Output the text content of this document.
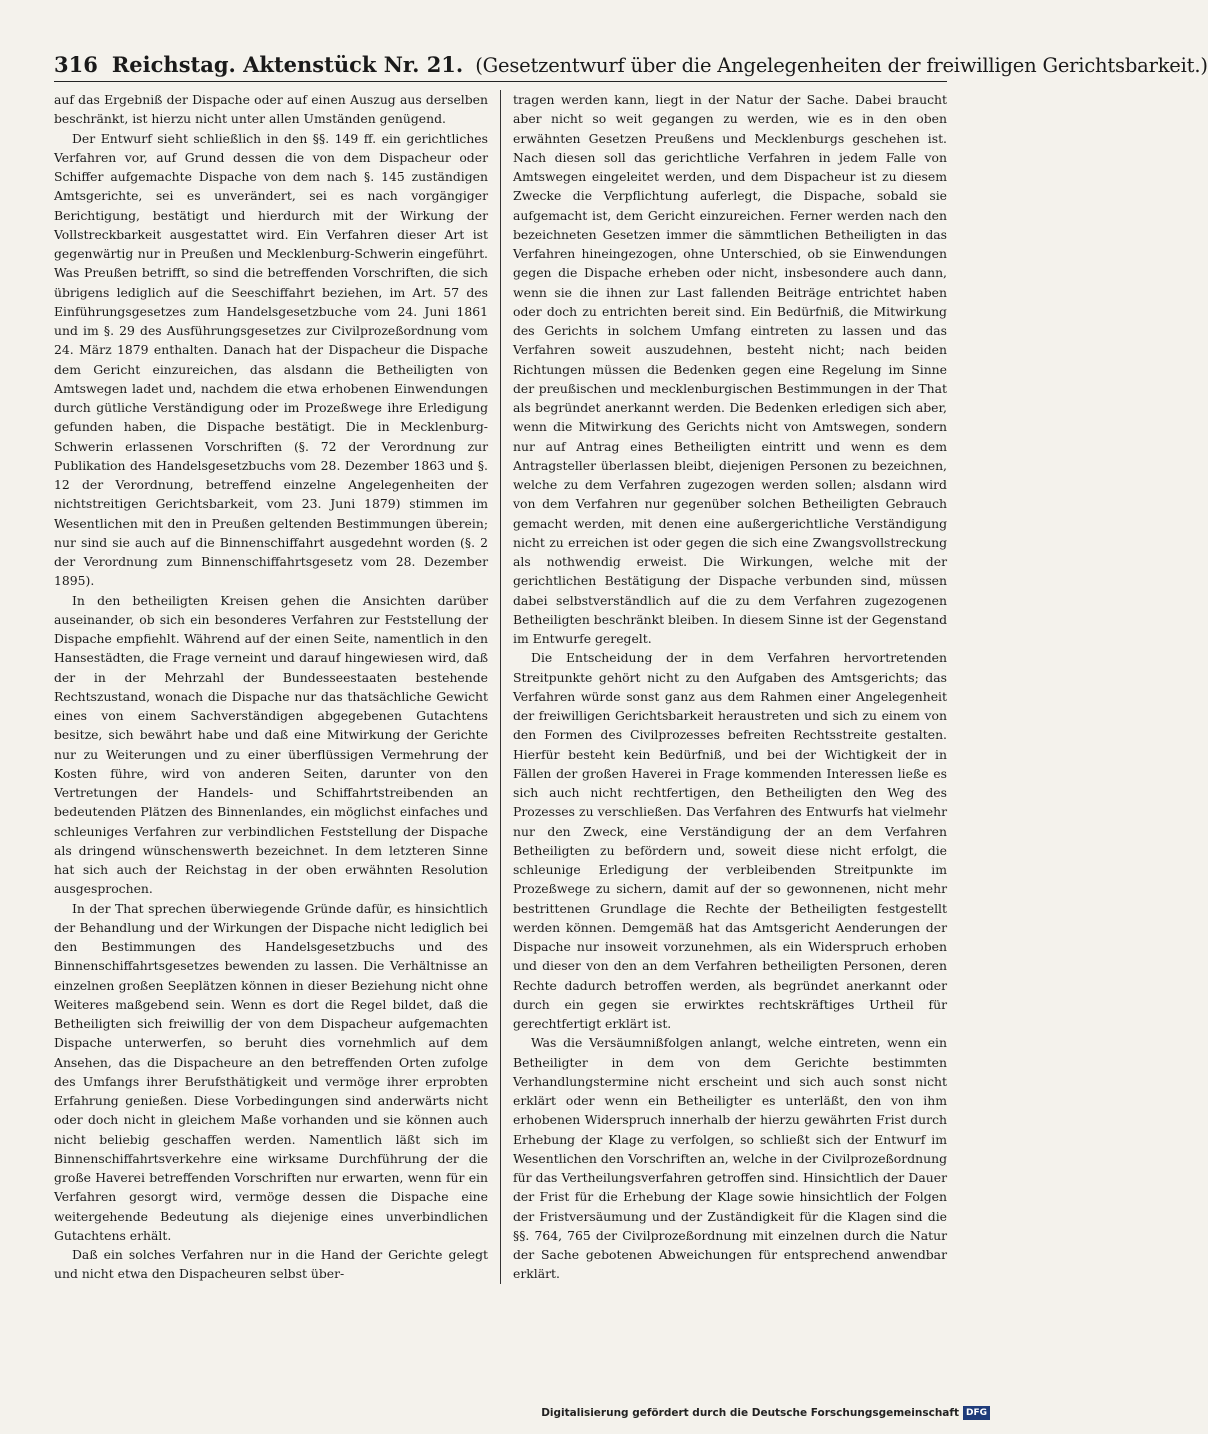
316 Reichstag. Aktenstück Nr. 21. (Gesetzentwurf über die Angelegenheiten der freiwilligen Gerichtsbarkeit.)

auf das Ergebniß der Dispache oder auf einen Auszug aus derselben beschränkt, ist hierzu nicht unter allen Umständen genügend.

Der Entwurf sieht schließlich in den §§. 149 ff. ein gerichtliches Verfahren vor, auf Grund dessen die von dem Dispacheur oder Schiffer aufgemachte Dispache von dem nach §. 145 zuständigen Amtsgerichte, sei es unverändert, sei es nach vorgängiger Berichtigung, bestätigt und hierdurch mit der Wirkung der Vollstreckbarkeit ausgestattet wird. Ein Verfahren dieser Art ist gegenwärtig nur in Preußen und Mecklenburg-Schwerin eingeführt. Was Preußen betrifft, so sind die betreffenden Vorschriften, die sich übrigens lediglich auf die Seeschiffahrt beziehen, im Art. 57 des Einführungsgesetzes zum Handelsgesetzbuche vom 24. Juni 1861 und im §. 29 des Ausführungsgesetzes zur Civilprozeßordnung vom 24. März 1879 enthalten. Danach hat der Dispacheur die Dispache dem Gericht einzureichen, das alsdann die Betheiligten von Amtswegen ladet und, nachdem die etwa erhobenen Einwendungen durch gütliche Verständigung oder im Prozeßwege ihre Erledigung gefunden haben, die Dispache bestätigt. Die in Mecklenburg-Schwerin erlassenen Vorschriften (§. 72 der Verordnung zur Publikation des Handelsgesetzbuchs vom 28. Dezember 1863 und §. 12 der Verordnung, betreffend einzelne Angelegenheiten der nichtstreitigen Gerichtsbarkeit, vom 23. Juni 1879) stimmen im Wesentlichen mit den in Preußen geltenden Bestimmungen überein; nur sind sie auch auf die Binnenschiffahrt ausgedehnt worden (§. 2 der Verordnung zum Binnenschiffahrtsgesetz vom 28. Dezember 1895).

In den betheiligten Kreisen gehen die Ansichten darüber auseinander, ob sich ein besonderes Verfahren zur Feststellung der Dispache empfiehlt. Während auf der einen Seite, namentlich in den Hansestädten, die Frage verneint und darauf hingewiesen wird, daß der in der Mehrzahl der Bundesseestaaten bestehende Rechtszustand, wonach die Dispache nur das thatsächliche Gewicht eines von einem Sachverständigen abgegebenen Gutachtens besitze, sich bewährt habe und daß eine Mitwirkung der Gerichte nur zu Weiterungen und zu einer überflüssigen Vermehrung der Kosten führe, wird von anderen Seiten, darunter von den Vertretungen der Handels- und Schiffahrtstreibenden an bedeutenden Plätzen des Binnenlandes, ein möglichst einfaches und schleuniges Verfahren zur verbindlichen Feststellung der Dispache als dringend wünschenswerth bezeichnet. In dem letzteren Sinne hat sich auch der Reichstag in der oben erwähnten Resolution ausgesprochen.

In der That sprechen überwiegende Gründe dafür, es hinsichtlich der Behandlung und der Wirkungen der Dispache nicht lediglich bei den Bestimmungen des Handelsgesetzbuchs und des Binnenschiffahrtsgesetzes bewenden zu lassen. Die Verhältnisse an einzelnen großen Seeplätzen können in dieser Beziehung nicht ohne Weiteres maßgebend sein. Wenn es dort die Regel bildet, daß die Betheiligten sich freiwillig der von dem Dispacheur aufgemachten Dispache unterwerfen, so beruht dies vornehmlich auf dem Ansehen, das die Dispacheure an den betreffenden Orten zufolge des Umfangs ihrer Berufsthätigkeit und vermöge ihrer erprobten Erfahrung genießen. Diese Vorbedingungen sind anderwärts nicht oder doch nicht in gleichem Maße vorhanden und sie können auch nicht beliebig geschaffen werden. Namentlich läßt sich im Binnenschiffahrtsverkehre eine wirksame Durchführung der die große Haverei betreffenden Vorschriften nur erwarten, wenn für ein Verfahren gesorgt wird, vermöge dessen die Dispache eine weitergehende Bedeutung als diejenige eines unverbindlichen Gutachtens erhält.

Daß ein solches Verfahren nur in die Hand der Gerichte gelegt und nicht etwa den Dispacheuren selbst über-

tragen werden kann, liegt in der Natur der Sache. Dabei braucht aber nicht so weit gegangen zu werden, wie es in den oben erwähnten Gesetzen Preußens und Mecklenburgs geschehen ist. Nach diesen soll das gerichtliche Verfahren in jedem Falle von Amtswegen eingeleitet werden, und dem Dispacheur ist zu diesem Zwecke die Verpflichtung auferlegt, die Dispache, sobald sie aufgemacht ist, dem Gericht einzureichen. Ferner werden nach den bezeichneten Gesetzen immer die sämmtlichen Betheiligten in das Verfahren hineingezogen, ohne Unterschied, ob sie Einwendungen gegen die Dispache erheben oder nicht, insbesondere auch dann, wenn sie die ihnen zur Last fallenden Beiträge entrichtet haben oder doch zu entrichten bereit sind. Ein Bedürfniß, die Mitwirkung des Gerichts in solchem Umfang eintreten zu lassen und das Verfahren soweit auszudehnen, besteht nicht; nach beiden Richtungen müssen die Bedenken gegen eine Regelung im Sinne der preußischen und mecklenburgischen Bestimmungen in der That als begründet anerkannt werden. Die Bedenken erledigen sich aber, wenn die Mitwirkung des Gerichts nicht von Amtswegen, sondern nur auf Antrag eines Betheiligten eintritt und wenn es dem Antragsteller überlassen bleibt, diejenigen Personen zu bezeichnen, welche zu dem Verfahren zugezogen werden sollen; alsdann wird von dem Verfahren nur gegenüber solchen Betheiligten Gebrauch gemacht werden, mit denen eine außergerichtliche Verständigung nicht zu erreichen ist oder gegen die sich eine Zwangsvollstreckung als nothwendig erweist. Die Wirkungen, welche mit der gerichtlichen Bestätigung der Dispache verbunden sind, müssen dabei selbstverständlich auf die zu dem Verfahren zugezogenen Betheiligten beschränkt bleiben. In diesem Sinne ist der Gegenstand im Entwurfe geregelt.

Die Entscheidung der in dem Verfahren hervortretenden Streitpunkte gehört nicht zu den Aufgaben des Amtsgerichts; das Verfahren würde sonst ganz aus dem Rahmen einer Angelegenheit der freiwilligen Gerichtsbarkeit heraustreten und sich zu einem von den Formen des Civilprozesses befreiten Rechtsstreite gestalten. Hierfür besteht kein Bedürfniß, und bei der Wichtigkeit der in Fällen der großen Haverei in Frage kommenden Interessen ließe es sich auch nicht rechtfertigen, den Betheiligten den Weg des Prozesses zu verschließen. Das Verfahren des Entwurfs hat vielmehr nur den Zweck, eine Verständigung der an dem Verfahren Betheiligten zu befördern und, soweit diese nicht erfolgt, die schleunige Erledigung der verbleibenden Streitpunkte im Prozeßwege zu sichern, damit auf der so gewonnenen, nicht mehr bestrittenen Grundlage die Rechte der Betheiligten festgestellt werden können. Demgemäß hat das Amtsgericht Aenderungen der Dispache nur insoweit vorzunehmen, als ein Widerspruch erhoben und dieser von den an dem Verfahren betheiligten Personen, deren Rechte dadurch betroffen werden, als begründet anerkannt oder durch ein gegen sie erwirktes rechtskräftiges Urtheil für gerechtfertigt erklärt ist.

Was die Versäumnißfolgen anlangt, welche eintreten, wenn ein Betheiligter in dem von dem Gerichte bestimmten Verhandlungstermine nicht erscheint und sich auch sonst nicht erklärt oder wenn ein Betheiligter es unterläßt, den von ihm erhobenen Widerspruch innerhalb der hierzu gewährten Frist durch Erhebung der Klage zu verfolgen, so schließt sich der Entwurf im Wesentlichen den Vorschriften an, welche in der Civilprozeßordnung für das Vertheilungsverfahren getroffen sind. Hinsichtlich der Dauer der Frist für die Erhebung der Klage sowie hinsichtlich der Folgen der Fristversäumung und der Zuständigkeit für die Klagen sind die §§. 764, 765 der Civilprozeßordnung mit einzelnen durch die Natur der Sache gebotenen Abweichungen für entsprechend anwendbar erklärt.

Digitalisierung gefördert durch die Deutsche Forschungsgemeinschaft DFG
